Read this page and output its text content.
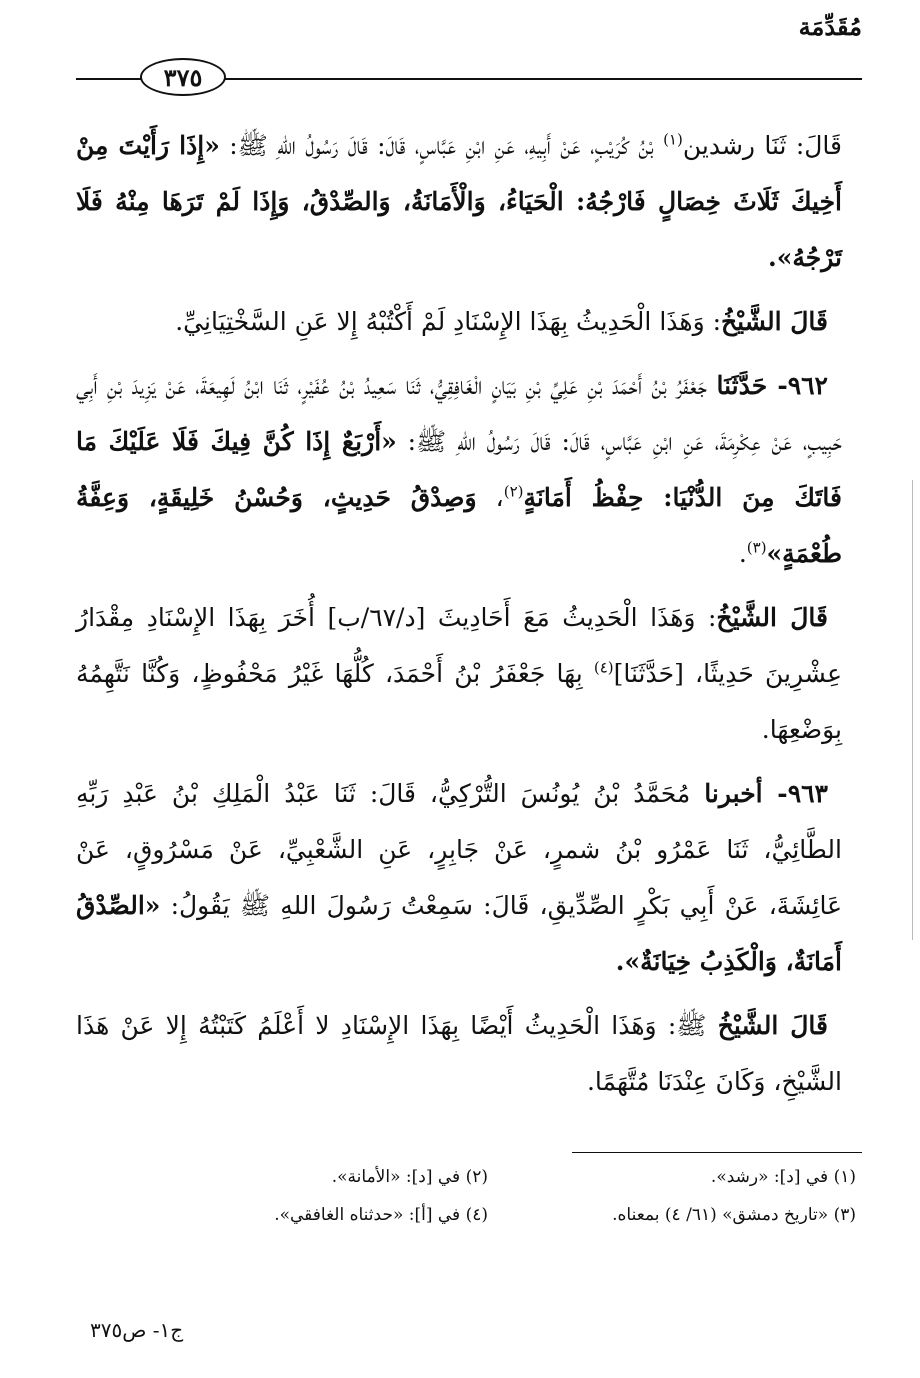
مُقَدِّمَة
٣٧٥

قَالَ: ثَنَا رشدين$^{(١)}$ بْنُ كُرَيْبٍ، عَنْ أَبِيهِ، عَنِ ابْنِ عَبَّاسٍ، قَالَ: قَالَ رَسُولُ اللهِ ﷺ: «إِذَا رَأَيْتَ مِنْ أَخِيكَ ثَلَاثَ خِصَالٍ فَارْجُهُ: الْحَيَاءُ، وَالْأَمَانَةُ، وَالصِّدْقُ، وَإِذَا لَمْ تَرَهَا مِنْهُ فَلَا تَرْجُهُ».

قَالَ الشَّيْخُ: وَهَذَا الْحَدِيثُ بِهَذَا الإِسْنَادِ لَمْ أَكْتُبْهُ إِلا عَنِ السَّخْتِيَانِيِّ.

٩٦٢- حَدَّثَنَا جَعْفَرُ بْنُ أَحْمَدَ بْنِ عَلِيِّ بْنِ بَيَانٍ الْغَافِقِيُّ، ثَنَا سَعِيدُ بْنُ عُفَيْرٍ، ثَنَا ابْنُ لَهِيعَةَ، عَنْ يَزِيدَ بْنِ أَبِي حَبِيبٍ، عَنْ عِكْرِمَةَ، عَنِ ابْنِ عَبَّاسٍ، قَالَ: قَالَ رَسُولُ اللهِ ﷺ: «أَرْبَعٌ إِذَا كُنَّ فِيكَ فَلَا عَلَيْكَ مَا فَاتَكَ مِنَ الدُّنْيَا: حِفْظُ أَمَانَةٍ$^{(٢)}$، وَصِدْقُ حَدِيثٍ، وَحُسْنُ خَلِيقَةٍ، وَعِفَّةُ طُعْمَةٍ»$^{(٣)}$.

قَالَ الشَّيْخُ: وَهَذَا الْحَدِيثُ مَعَ أَحَادِيثَ [د/٦٧/ب] أُخَرَ بِهَذَا الإِسْنَادِ مِقْدَارُ عِشْرِينَ حَدِيثًا، [حَدَّثَنَا]$^{(٤)}$ بِهَا جَعْفَرُ بْنُ أَحْمَدَ، كُلُّهَا غَيْرُ مَحْفُوظٍ، وَكُنَّا نَتَّهِمُهُ بِوَضْعِهَا.

٩٦٣- أخبرنا مُحَمَّدُ بْنُ يُونُسَ التُّرْكِيُّ، قَالَ: ثَنَا عَبْدُ الْمَلِكِ بْنُ عَبْدِ رَبِّهِ الطَّائِيُّ، ثَنَا عَمْرُو بْنُ شمرٍ، عَنْ جَابِرٍ، عَنِ الشَّعْبِيِّ، عَنْ مَسْرُوقٍ، عَنْ عَائِشَةَ، عَنْ أَبِي بَكْرٍ الصِّدِّيقِ، قَالَ: سَمِعْتُ رَسُولَ اللهِ ﷺ يَقُولُ: «الصِّدْقُ أَمَانَةٌ، وَالْكَذِبُ خِيَانَةٌ».

قَالَ الشَّيْخُ ﷺ: وَهَذَا الْحَدِيثُ أَيْضًا بِهَذَا الإِسْنَادِ لا أَعْلَمُ كَتَبْتُهُ إِلا عَنْ هَذَا الشَّيْخِ، وَكَانَ عِنْدَنَا مُتَّهَمًا.

(١) في [د]: «رشد».
(٢) في [د]: «الأمانة».
(٣) «تاريخ دمشق» (٦١/ ٤) بمعناه.
(٤) في [أ]: «حدثناه الغافقي».
ج١- ص٣٧٥
